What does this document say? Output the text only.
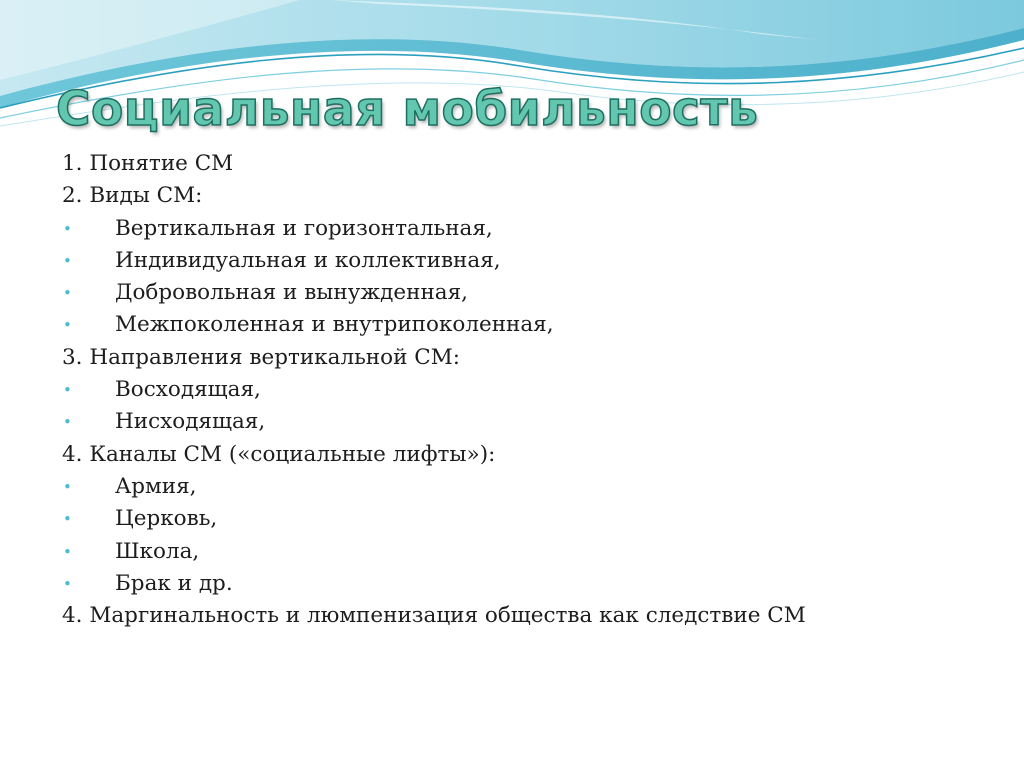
Социальная мобильность
1. Понятие СМ
2. Виды СМ:
• Вертикальная и горизонтальная,
• Индивидуальная и коллективная,
• Добровольная и вынужденная,
• Межпоколенная и внутрипоколенная,
3. Направления вертикальной СМ:
• Восходящая,
• Нисходящая,
4. Каналы СМ («социальные лифты»):
• Армия,
• Церковь,
• Школа,
• Брак и др.
4. Маргинальность и люмпенизация общества как следствие СМ
